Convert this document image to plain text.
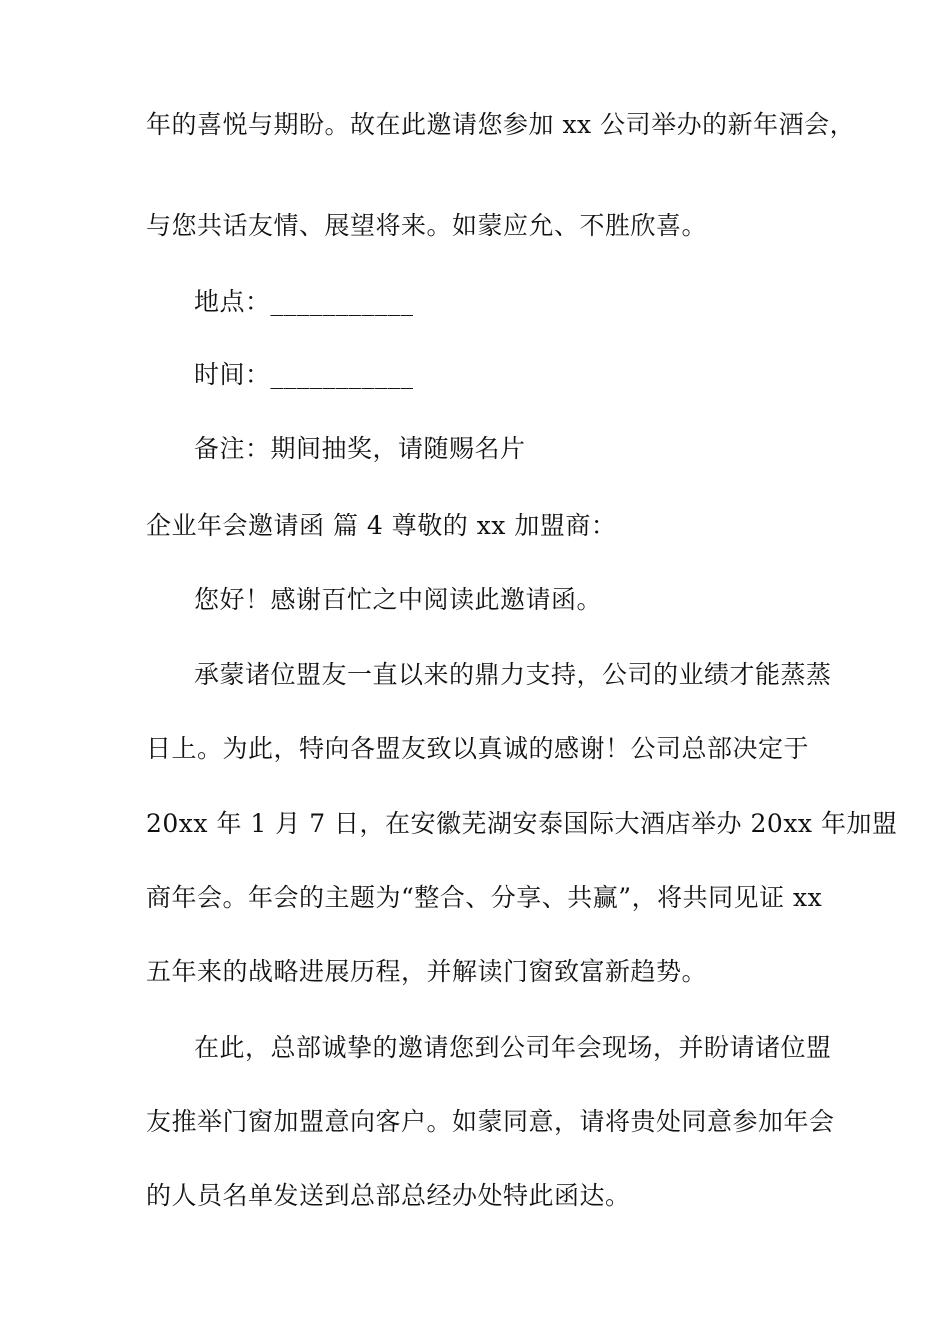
年的喜悦与期盼。故在此邀请您参加 xx 公司举办的新年酒会，
与您共话友情、展望将来。如蒙应允、不胜欣喜。
地点：___________
时间：___________
备注：期间抽奖，请随赐名片
企业年会邀请函 篇 4 尊敬的 xx 加盟商：
您好！感谢百忙之中阅读此邀请函。
承蒙诸位盟友一直以来的鼎力支持，公司的业绩才能蒸蒸
日上。为此，特向各盟友致以真诚的感谢！公司总部决定于
20xx 年 1 月 7 日，在安徽芜湖安泰国际大酒店举办 20xx 年加盟
商年会。年会的主题为“整合、分享、共赢”，将共同见证 xx
五年来的战略进展历程，并解读门窗致富新趋势。
在此，总部诚挚的邀请您到公司年会现场，并盼请诸位盟
友推举门窗加盟意向客户。如蒙同意，请将贵处同意参加年会
的人员名单发送到总部总经办处特此函达。
